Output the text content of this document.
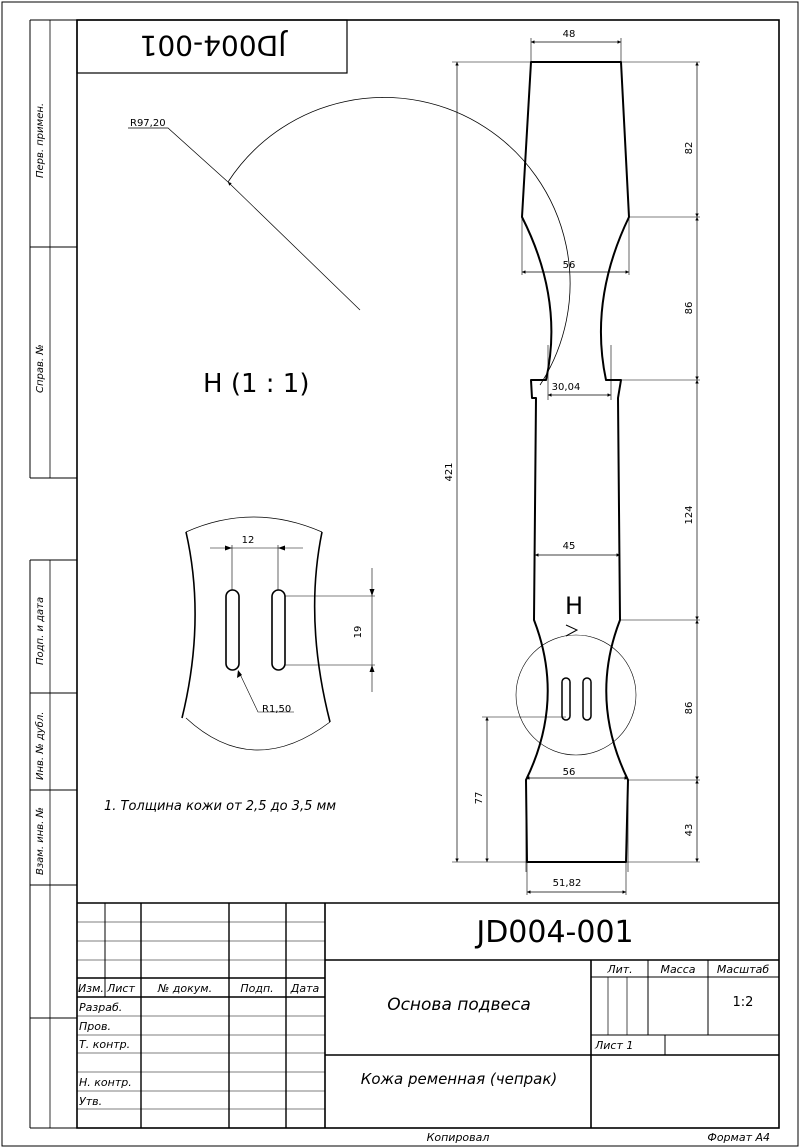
Перв. примен.
Справ. №
Подп. и дата
Инв. № дубл.
Взам. инв. №
JD004-001
R97,20
48
56
30,04
45
56
51,82
421
82
86
124
86
43
77
Н
Н (1 : 1)
12
19
R1,50
1. Толщина кожи от 2,5 до 3,5 мм
JD004-001
Основа подвеса
Кожа ременная (чепрак)
Изм. Лист № докум.	Подп. Дата
Разраб.
Пров.
Т. контр.
Н. контр.
Утв.
Лит.	Масса Масштаб
1:2
Лист 1
Копировал	Формат А4
